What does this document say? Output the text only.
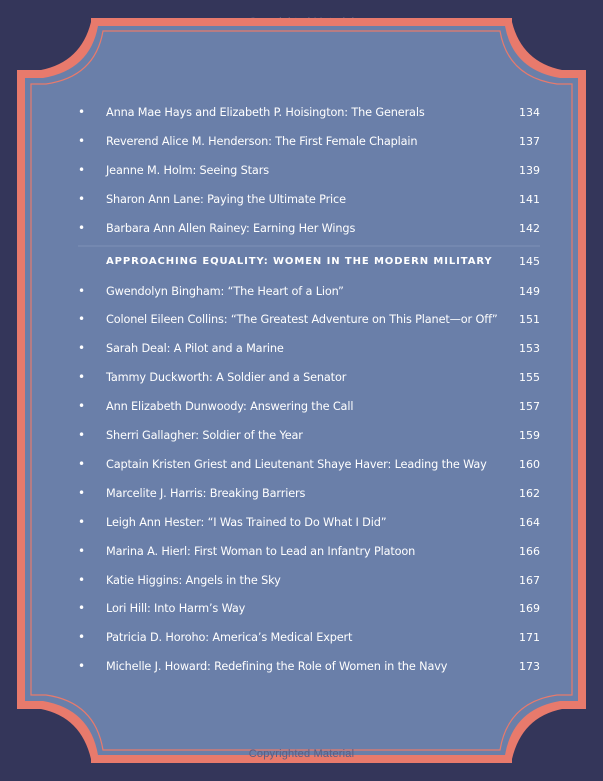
•	Anna Mae Hays and Elizabeth P. Hoisington: The Generals	134
•	Reverend Alice M. Henderson: The First Female Chaplain	137
•	Jeanne M. Holm: Seeing Stars	139
•	Sharon Ann Lane: Paying the Ultimate Price	141
•	Barbara Ann Allen Rainey: Earning Her Wings	142
APPROACHING EQUALITY: WOMEN IN THE MODERN MILITARY	145
•	Gwendolyn Bingham: “The Heart of a Lion”	149
•	Colonel Eileen Collins: “The Greatest Adventure on This Planet—or Off”	151
•	Sarah Deal: A Pilot and a Marine	153
•	Tammy Duckworth: A Soldier and a Senator	155
•	Ann Elizabeth Dunwoody: Answering the Call	157
•	Sherri Gallagher: Soldier of the Year	159
•	Captain Kristen Griest and Lieutenant Shaye Haver: Leading the Way	160
•	Marcelite J. Harris: Breaking Barriers	162
•	Leigh Ann Hester: “I Was Trained to Do What I Did”	164
•	Marina A. Hierl: First Woman to Lead an Infantry Platoon	166
•	Katie Higgins: Angels in the Sky	167
•	Lori Hill: Into Harm’s Way	169
•	Patricia D. Horoho: America’s Medical Expert	171
•	Michelle J. Howard: Redefining the Role of Women in the Navy	173
Copyrighted Material
